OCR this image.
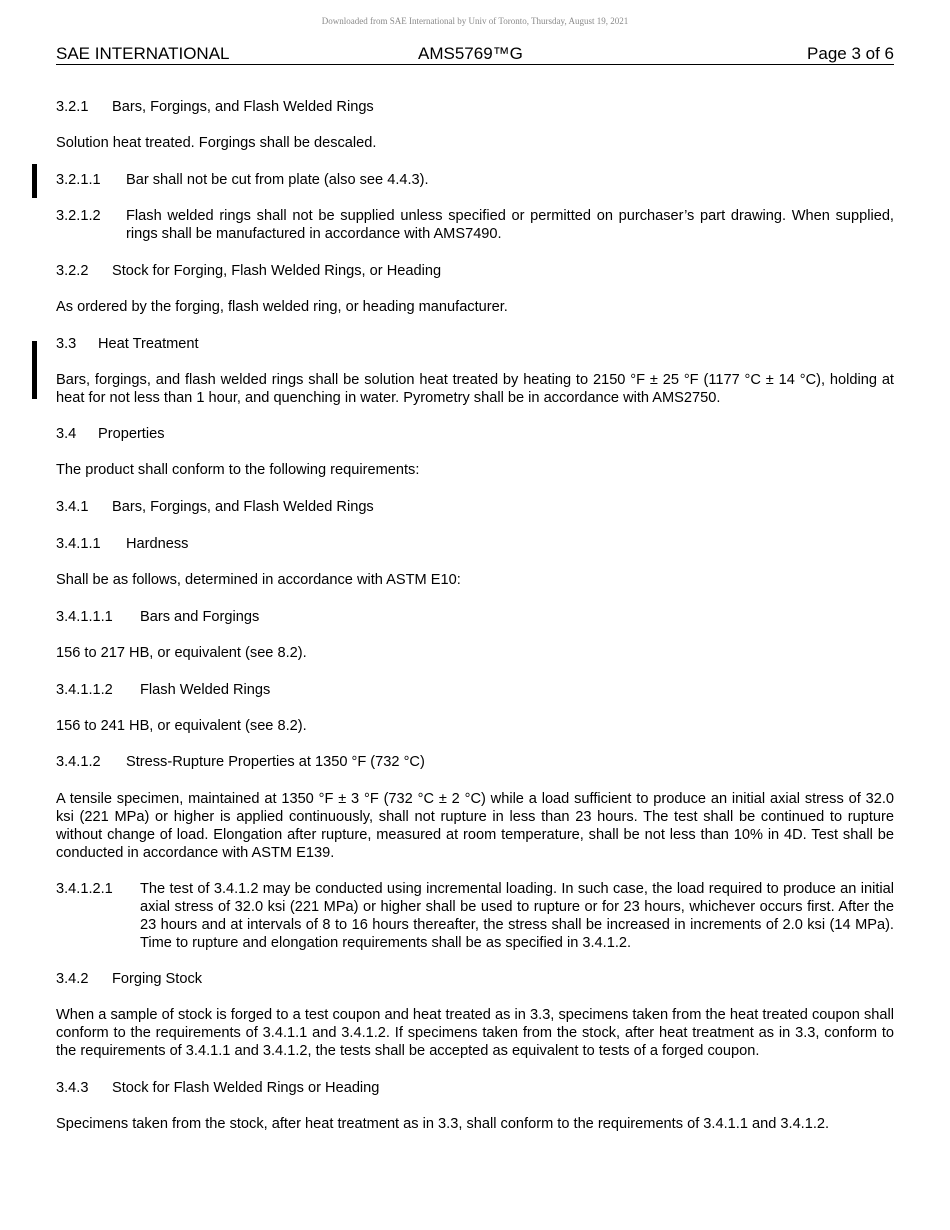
Downloaded from SAE International by Univ of Toronto, Thursday, August 19, 2021
SAE INTERNATIONAL	AMS5769™G	Page 3 of 6
3.2.1 Bars, Forgings, and Flash Welded Rings
Solution heat treated. Forgings shall be descaled.
3.2.1.1	Bar shall not be cut from plate (also see 4.4.3).
3.2.1.2	Flash welded rings shall not be supplied unless specified or permitted on purchaser’s part drawing. When supplied, rings shall be manufactured in accordance with AMS7490.
3.2.2 Stock for Forging, Flash Welded Rings, or Heading
As ordered by the forging, flash welded ring, or heading manufacturer.
3.3 Heat Treatment
Bars, forgings, and flash welded rings shall be solution heat treated by heating to 2150 °F ± 25 °F (1177 °C ± 14 °C), holding at heat for not less than 1 hour, and quenching in water. Pyrometry shall be in accordance with AMS2750.
3.4 Properties
The product shall conform to the following requirements:
3.4.1 Bars, Forgings, and Flash Welded Rings
3.4.1.1 Hardness
Shall be as follows, determined in accordance with ASTM E10:
3.4.1.1.1 Bars and Forgings
156 to 217 HB, or equivalent (see 8.2).
3.4.1.1.2 Flash Welded Rings
156 to 241 HB, or equivalent (see 8.2).
3.4.1.2 Stress-Rupture Properties at 1350 °F (732 °C)
A tensile specimen, maintained at 1350 °F ± 3 °F (732 °C ± 2 °C) while a load sufficient to produce an initial axial stress of 32.0 ksi (221 MPa) or higher is applied continuously, shall not rupture in less than 23 hours. The test shall be continued to rupture without change of load. Elongation after rupture, measured at room temperature, shall be not less than 10% in 4D. Test shall be conducted in accordance with ASTM E139.
3.4.1.2.1	The test of 3.4.1.2 may be conducted using incremental loading. In such case, the load required to produce an initial axial stress of 32.0 ksi (221 MPa) or higher shall be used to rupture or for 23 hours, whichever occurs first. After the 23 hours and at intervals of 8 to 16 hours thereafter, the stress shall be increased in increments of 2.0 ksi (14 MPa). Time to rupture and elongation requirements shall be as specified in 3.4.1.2.
3.4.2 Forging Stock
When a sample of stock is forged to a test coupon and heat treated as in 3.3, specimens taken from the heat treated coupon shall conform to the requirements of 3.4.1.1 and 3.4.1.2. If specimens taken from the stock, after heat treatment as in 3.3, conform to the requirements of 3.4.1.1 and 3.4.1.2, the tests shall be accepted as equivalent to tests of a forged coupon.
3.4.3 Stock for Flash Welded Rings or Heading
Specimens taken from the stock, after heat treatment as in 3.3, shall conform to the requirements of 3.4.1.1 and 3.4.1.2.
